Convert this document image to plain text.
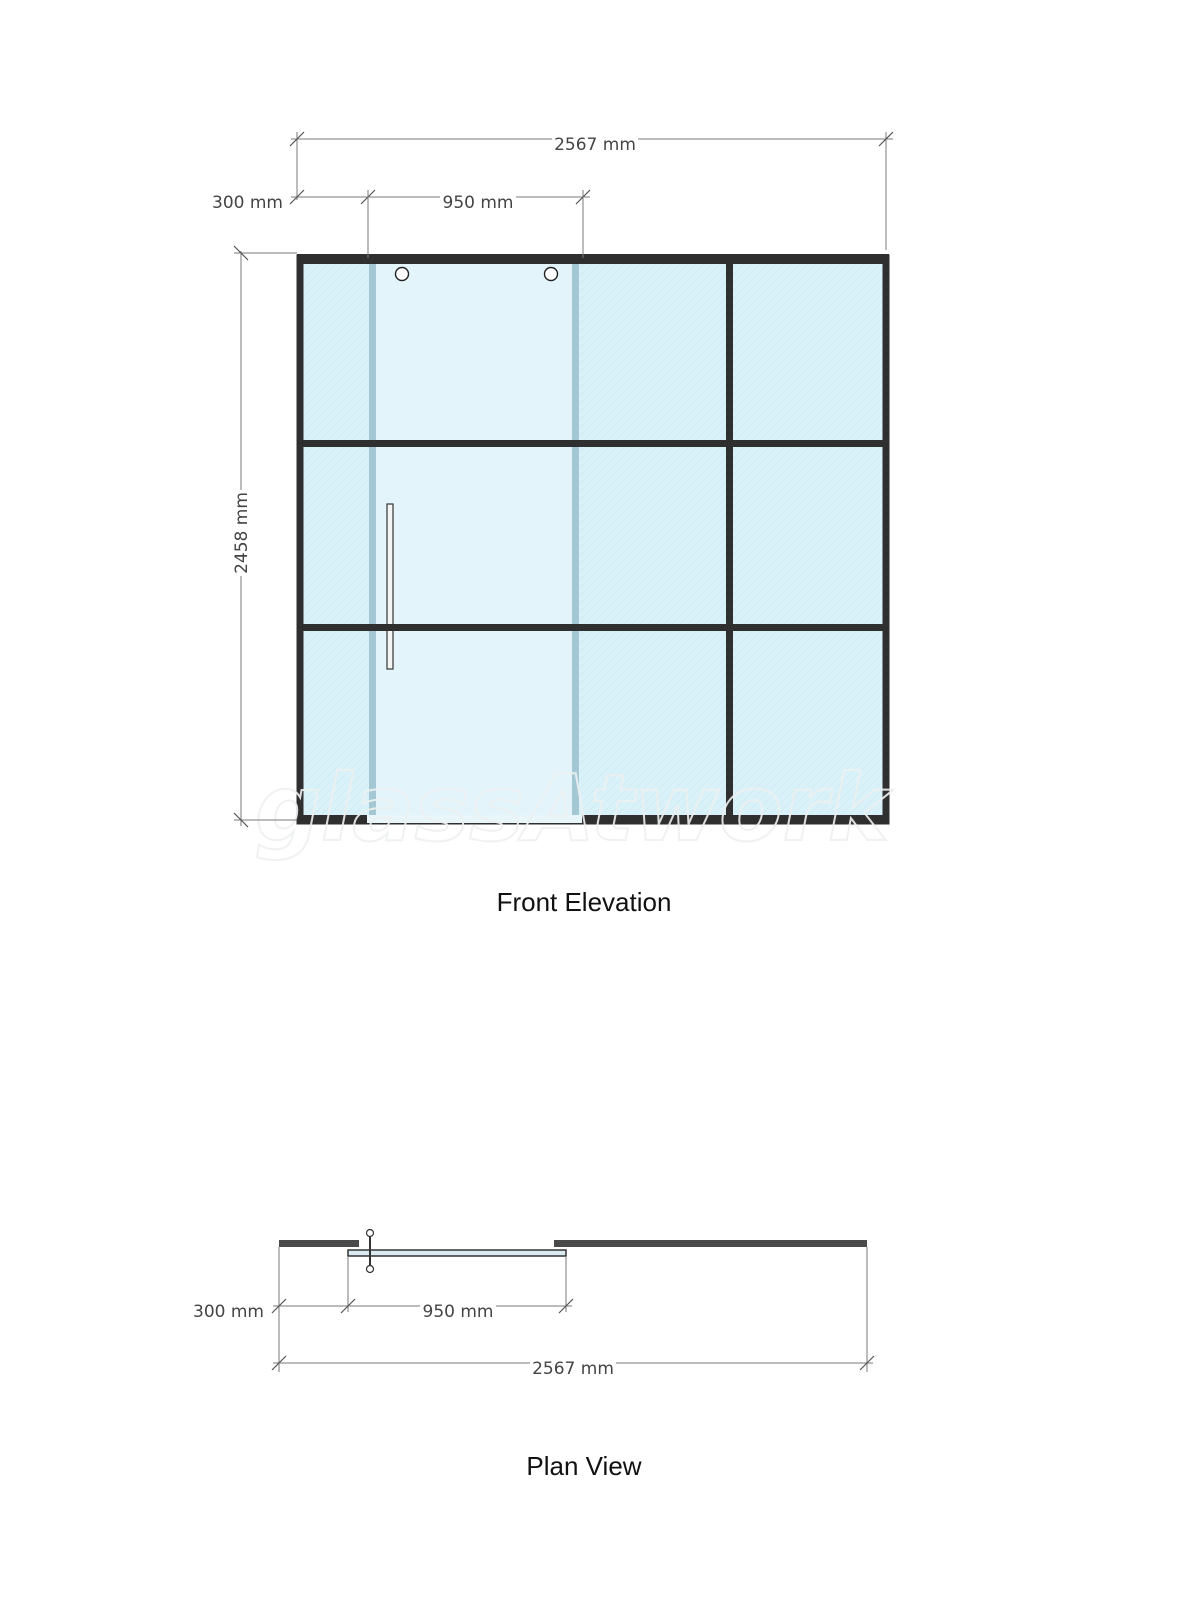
glassAtwork
2567 mm
300 mm	950 mm
2458 mm
Front Elevation
300 mm	950 mm
2567 mm
Plan View
